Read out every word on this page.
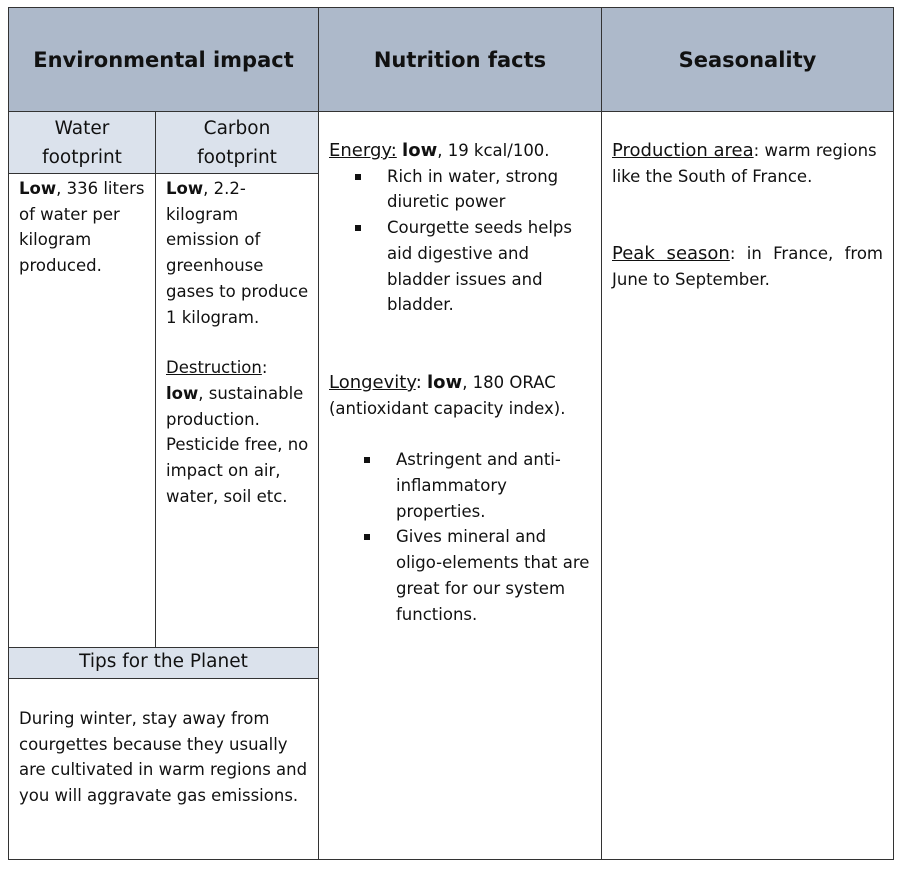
Environmental impact	Nutrition facts	Seasonality
Water footprint
Carbon footprint
Low, 336 liters of water per kilogram produced.
Low, 2.2-kilogram emission of greenhouse gases to produce 1 kilogram.
Destruction: low, sustainable production. Pesticide free, no impact on air, water, soil etc.
Tips for the Planet
During winter, stay away from courgettes because they usually are cultivated in warm regions and you will aggravate gas emissions.
Energy: low, 19 kcal/100.
Rich in water, strong diuretic power
Courgette seeds helps aid digestive and bladder issues and bladder.
Longevity: low, 180 ORAC (antioxidant capacity index).
Astringent and anti-inflammatory properties.
Gives mineral and oligo-elements that are great for our system functions.
Production area: warm regions like the South of France.
Peak season: in France, from June to September.
